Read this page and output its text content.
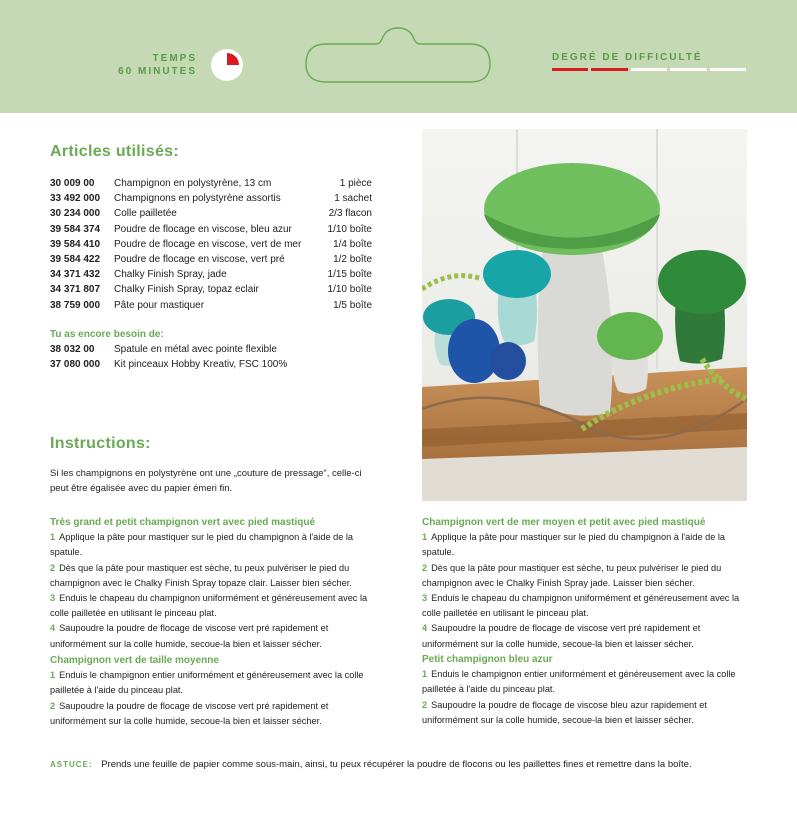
TEMPS
60 MINUTES
DEGRÉ DE DIFFICULTÉ
Articles utilisés:
30 009 00	Champignon en polystyrène, 13 cm	1 pièce
33 492 000	Champignons en polystyrène assortis	1 sachet
30 234 000	Colle pailletée	2/3 flacon
39 584 374	Poudre de flocage en viscose, bleu azur	1/10 boîte
39 584 410	Poudre de flocage en viscose, vert de mer	1/4 boîte
39 584 422	Poudre de flocage en viscose, vert pré	1/2 boîte
34 371 432	Chalky Finish Spray, jade	1/15 boîte
34 371 807	Chalky Finish Spray, topaz eclair	1/10 boîte
38 759 000	Pâte pour mastiquer	1/5 boîte
Tu as encore besoin de:
38 032 00	Spatule en métal avec pointe flexible
37 080 000	Kit pinceaux Hobby Kreativ, FSC 100%
Instructions:
Si les champignons en polystyrène ont une „couture de pressage“, celle-ci peut être égalisée avec du papier émeri fin.
Très grand et petit champignon vert avec pied mastiqué

1 Applique la pâte pour mastiquer sur le pied du champignon à l'aide de la spatule.

2 Dès que la pâte pour mastiquer est sèche, tu peux pulvériser le pied du champignon avec le Chalky Finish Spray topaze clair. Laisser bien sécher.

3 Enduis le chapeau du champignon uniformément et généreusement avec la colle pailletée en utilisant le pinceau plat.

4 Saupoudre la poudre de flocage de viscose vert pré rapidement et uniformément sur la colle humide, secoue-la bien et laisser sécher.

Champignon vert de taille moyenne

1 Enduis le champignon entier uniformément et généreusement avec la colle pailletée à l'aide du pinceau plat.

2 Saupoudre la poudre de flocage de viscose vert pré rapidement et uniformément sur la colle humide, secoue-la bien et laisser sécher.

Champignon vert de mer moyen et petit avec pied mastiqué

1 Applique la pâte pour mastiquer sur le pied du champignon à l'aide de la spatule.

2 Dès que la pâte pour mastiquer est sèche, tu peux pulvériser le pied du champignon avec le Chalky Finish Spray jade. Laisser bien sécher.

3 Enduis le chapeau du champignon uniformément et généreusement avec la colle pailletée en utilisant le pinceau plat.

4 Saupoudre la poudre de flocage de viscose vert pré rapidement et uniformément sur la colle humide, secoue-la bien et laisser sécher.

Petit champignon bleu azur

1 Enduis le champignon entier uniformément et généreusement avec la colle pailletée à l'aide du pinceau plat.

2 Saupoudre la poudre de flocage de viscose bleu azur rapidement et uniformément sur la colle humide, secoue-la bien et laisser sécher.

ASTUCE: Prends une feuille de papier comme sous-main, ainsi, tu peux récupérer la poudre de flocons ou les paillettes fines et remettre dans la boîte.
